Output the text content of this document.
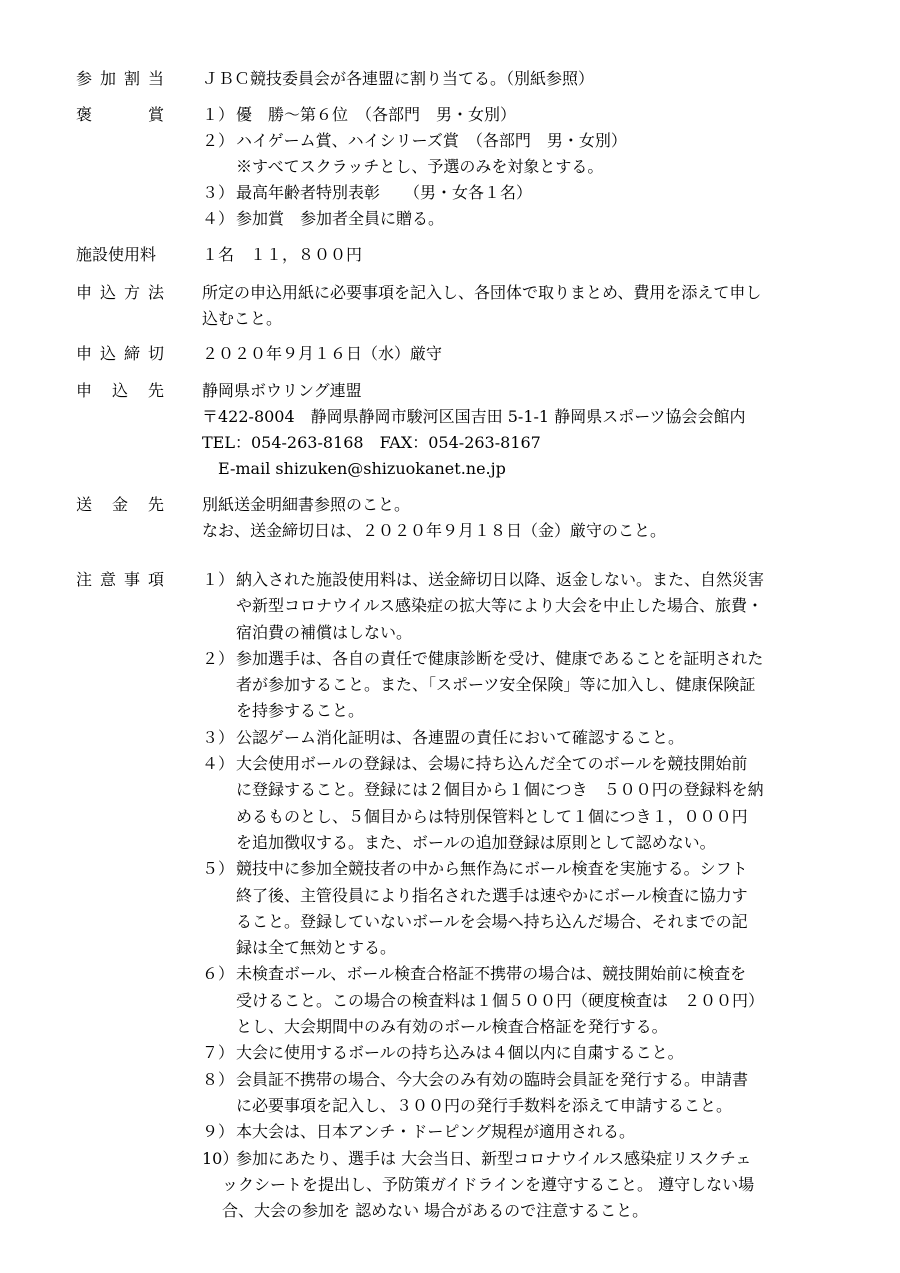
参加割当 ＪＢＣ競技委員会が各連盟に割り当てる。（別紙参照）
褒	賞 １） 優　勝～第６位　（各部門　男・女別）
２） ハイゲーム賞、ハイシリーズ賞　（各部門　男・女別）
※すべてスクラッチとし、予選のみを対象とする。
３） 最高年齢者特別表彰　　（男・女各１名）
４） 参加賞　参加者全員に贈る。
施設使用料	１名　１１，８００円
申込方法 所定の申込用紙に必要事項を記入し、各団体で取りまとめ、費用を添えて申し
込むこと。
申込締切 ２０２０年９月１６日（水）厳守
申 込 先 静岡県ボウリング連盟
〒422-8004　静岡県静岡市駿河区国吉田 5-1-1 静岡県スポーツ協会会館内
TEL：054-263-8168　FAX：054-263-8167
　E-mail shizuken@shizuokanet.ne.jp
送 金 先 別紙送金明細書参照のこと。
なお、送金締切日は、２０２０年９月１８日（金）厳守のこと。
注意事項 １） 納入された施設使用料は、送金締切日以降、返金しない。また、自然災害
や新型コロナウイルス感染症の拡大等により大会を中止した場合、旅費・
宿泊費の補償はしない。
２） 参加選手は、各自の責任で健康診断を受け、健康であることを証明された
者が参加すること。また、「スポーツ安全保険」等に加入し、健康保険証
を持参すること。
３） 公認ゲーム消化証明は、各連盟の責任において確認すること。
４） 大会使用ボールの登録は、会場に持ち込んだ全てのボールを競技開始前
に登録すること。登録には２個目から１個につき　５００円の登録料を納
めるものとし、５個目からは特別保管料として１個につき１，０００円
を追加徴収する。また、ボールの追加登録は原則として認めない。
５） 競技中に参加全競技者の中から無作為にボール検査を実施する。シフト
終了後、主管役員により指名された選手は速やかにボール検査に協力す
ること。登録していないボールを会場へ持ち込んだ場合、それまでの記
録は全て無効とする。
６） 未検査ボール、ボール検査合格証不携帯の場合は、競技開始前に検査を
受けること。この場合の検査料は１個５００円（硬度検査は　２００円）
とし、大会期間中のみ有効のボール検査合格証を発行する。
７） 大会に使用するボールの持ち込みは４個以内に自粛すること。
８） 会員証不携帯の場合、今大会のみ有効の臨時会員証を発行する。申請書
に必要事項を記入し、３００円の発行手数料を添えて申請すること。
９） 本大会は、日本アンチ・ドーピング規程が適用される。
10）
参加にあたり、選手は 大会当日、新型コロナウイルス感染症リスクチェ
ックシートを提出し、予防策ガイドラインを遵守すること。 遵守しない場
合、大会の参加を 認めない 場合があるので注意すること。
